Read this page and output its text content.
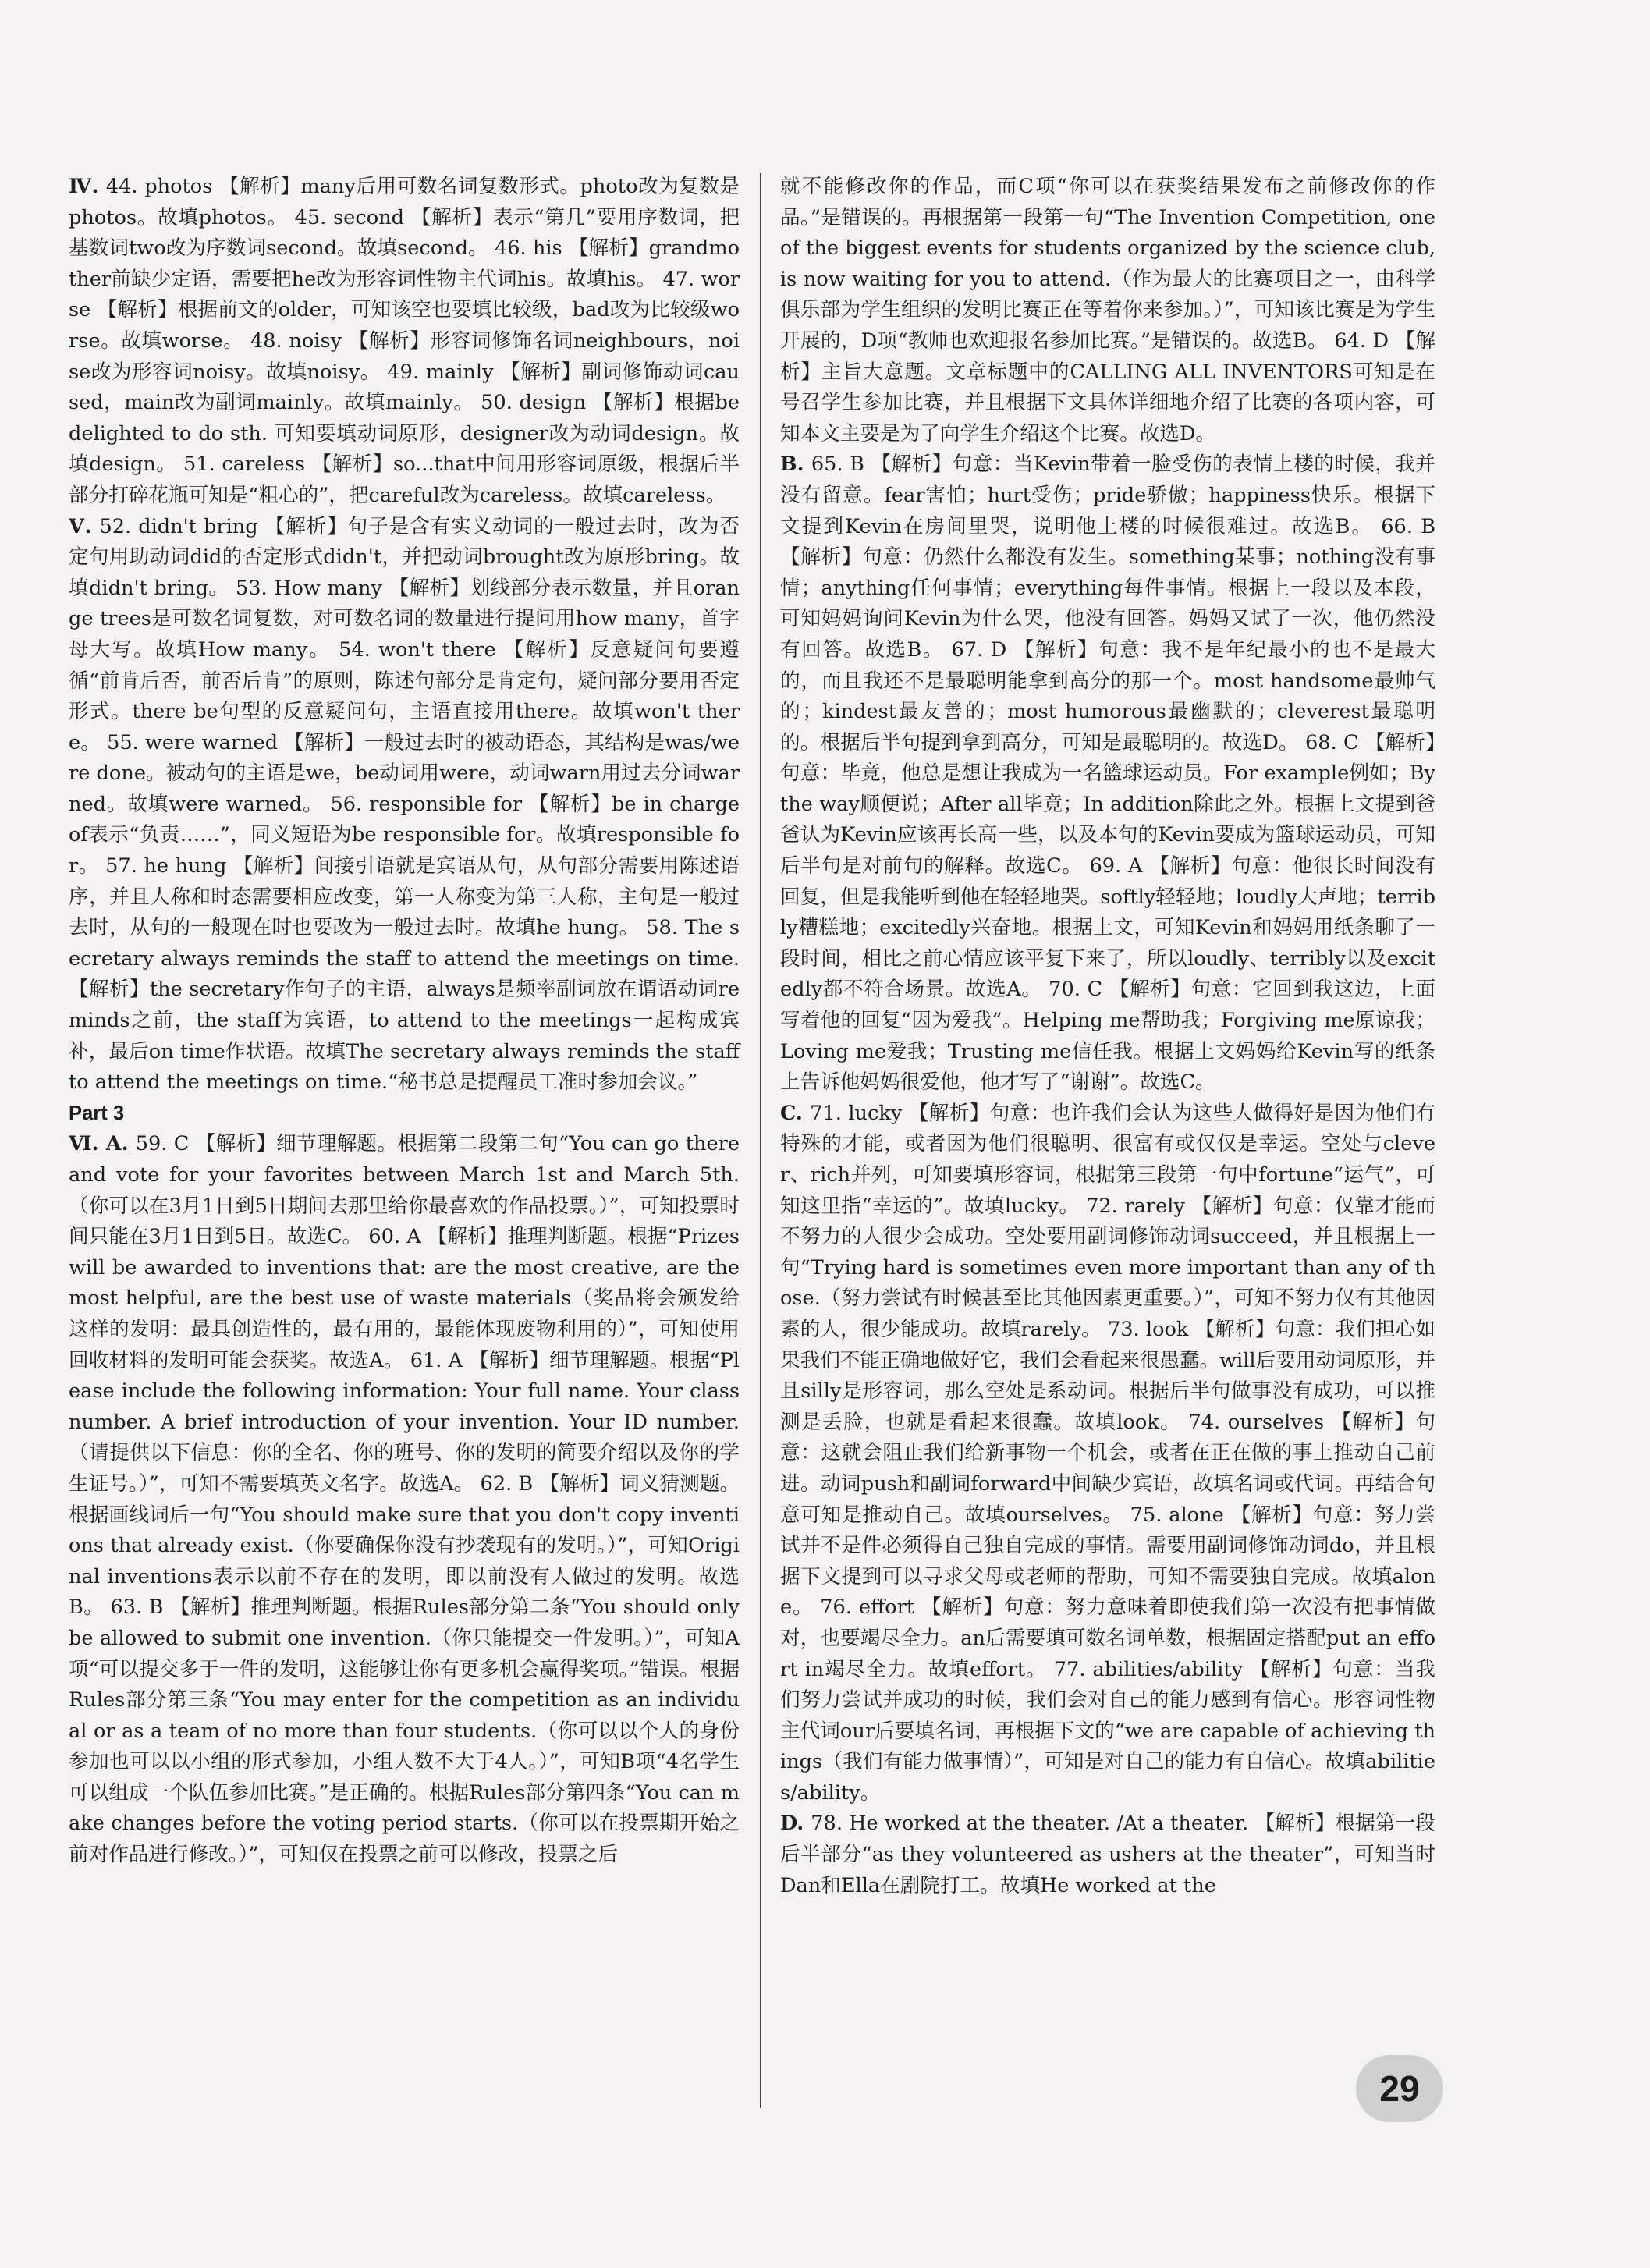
Ⅳ. 44. photos 【解析】many后用可数名词复数形式。photo改为复数是photos。故填photos。 45. second 【解析】表示“第几”要用序数词，把基数词two改为序数词second。故填second。 46. his 【解析】grandmother前缺少定语，需要把he改为形容词性物主代词his。故填his。 47. worse 【解析】根据前文的older，可知该空也要填比较级，bad改为比较级worse。故填worse。 48. noisy 【解析】形容词修饰名词neighbours，noise改为形容词noisy。故填noisy。 49. mainly 【解析】副词修饰动词caused，main改为副词mainly。故填mainly。 50. design 【解析】根据be delighted to do sth. 可知要填动词原形，designer改为动词design。故填design。 51. careless 【解析】so...that中间用形容词原级，根据后半部分打碎花瓶可知是“粗心的”，把careful改为careless。故填careless。

Ⅴ. 52. didn't bring 【解析】句子是含有实义动词的一般过去时，改为否定句用助动词did的否定形式didn't，并把动词brought改为原形bring。故填didn't bring。 53. How many 【解析】划线部分表示数量，并且orange trees是可数名词复数，对可数名词的数量进行提问用how many，首字母大写。故填How many。 54. won't there 【解析】反意疑问句要遵循“前肯后否，前否后肯”的原则，陈述句部分是肯定句，疑问部分要用否定形式。there be句型的反意疑问句，主语直接用there。故填won't there。 55. were warned 【解析】一般过去时的被动语态，其结构是was/were done。被动句的主语是we，be动词用were，动词warn用过去分词warned。故填were warned。 56. responsible for 【解析】be in charge of表示“负责……”，同义短语为be responsible for。故填responsible for。 57. he hung 【解析】间接引语就是宾语从句，从句部分需要用陈述语序，并且人称和时态需要相应改变，第一人称变为第三人称，主句是一般过去时，从句的一般现在时也要改为一般过去时。故填he hung。 58. The secretary always reminds the staff to attend the meetings on time. 【解析】the secretary作句子的主语，always是频率副词放在谓语动词reminds之前，the staff为宾语，to attend to the meetings一起构成宾补，最后on time作状语。故填The secretary always reminds the staff to attend the meetings on time.“秘书总是提醒员工准时参加会议。”

Part 3

Ⅵ. A. 59. C 【解析】细节理解题。根据第二段第二句“You can go there and vote for your favorites between March 1st and March 5th.（你可以在3月1日到5日期间去那里给你最喜欢的作品投票。）”，可知投票时间只能在3月1日到5日。故选C。 60. A 【解析】推理判断题。根据“Prizes will be awarded to inventions that: are the most creative, are the most helpful, are the best use of waste materials（奖品将会颁发给这样的发明：最具创造性的，最有用的，最能体现废物利用的）”，可知使用回收材料的发明可能会获奖。故选A。 61. A 【解析】细节理解题。根据“Please include the following information: Your full name. Your class number. A brief introduction of your invention. Your ID number.（请提供以下信息：你的全名、你的班号、你的发明的简要介绍以及你的学生证号。）”，可知不需要填英文名字。故选A。 62. B 【解析】词义猜测题。根据画线词后一句“You should make sure that you don't copy inventions that already exist.（你要确保你没有抄袭现有的发明。）”，可知Original inventions表示以前不存在的发明，即以前没有人做过的发明。故选B。 63. B 【解析】推理判断题。根据Rules部分第二条“You should only be allowed to submit one invention.（你只能提交一件发明。）”，可知A项“可以提交多于一件的发明，这能够让你有更多机会赢得奖项。”错误。根据Rules部分第三条“You may enter for the competition as an individual or as a team of no more than four students.（你可以以个人的身份参加也可以以小组的形式参加，小组人数不大于4人。）”，可知B项“4名学生可以组成一个队伍参加比赛。”是正确的。根据Rules部分第四条“You can make changes before the voting period starts.（你可以在投票期开始之前对作品进行修改。）”，可知仅在投票之前可以修改，投票之后

就不能修改你的作品，而C项“你可以在获奖结果发布之前修改你的作品。”是错误的。再根据第一段第一句“The Invention Competition, one of the biggest events for students organized by the science club, is now waiting for you to attend.（作为最大的比赛项目之一，由科学俱乐部为学生组织的发明比赛正在等着你来参加。）”，可知该比赛是为学生开展的，D项“教师也欢迎报名参加比赛。”是错误的。故选B。 64. D 【解析】主旨大意题。文章标题中的CALLING ALL INVENTORS可知是在号召学生参加比赛，并且根据下文具体详细地介绍了比赛的各项内容，可知本文主要是为了向学生介绍这个比赛。故选D。

B. 65. B 【解析】句意：当Kevin带着一脸受伤的表情上楼的时候，我并没有留意。fear害怕；hurt受伤；pride骄傲；happiness快乐。根据下文提到Kevin在房间里哭，说明他上楼的时候很难过。故选B。 66. B 【解析】句意：仍然什么都没有发生。something某事；nothing没有事情；anything任何事情；everything每件事情。根据上一段以及本段，可知妈妈询问Kevin为什么哭，他没有回答。妈妈又试了一次，他仍然没有回答。故选B。 67. D 【解析】句意：我不是年纪最小的也不是最大的，而且我还不是最聪明能拿到高分的那一个。most handsome最帅气的；kindest最友善的；most humorous最幽默的；cleverest最聪明的。根据后半句提到拿到高分，可知是最聪明的。故选D。 68. C 【解析】句意：毕竟，他总是想让我成为一名篮球运动员。For example例如；By the way顺便说；After all毕竟；In addition除此之外。根据上文提到爸爸认为Kevin应该再长高一些，以及本句的Kevin要成为篮球运动员，可知后半句是对前句的解释。故选C。 69. A 【解析】句意：他很长时间没有回复，但是我能听到他在轻轻地哭。softly轻轻地；loudly大声地；terribly糟糕地；excitedly兴奋地。根据上文，可知Kevin和妈妈用纸条聊了一段时间，相比之前心情应该平复下来了，所以loudly、terribly以及excitedly都不符合场景。故选A。 70. C 【解析】句意：它回到我这边，上面写着他的回复“因为爱我”。Helping me帮助我；Forgiving me原谅我；Loving me爱我；Trusting me信任我。根据上文妈妈给Kevin写的纸条上告诉他妈妈很爱他，他才写了“谢谢”。故选C。

C. 71. lucky 【解析】句意：也许我们会认为这些人做得好是因为他们有特殊的才能，或者因为他们很聪明、很富有或仅仅是幸运。空处与clever、rich并列，可知要填形容词，根据第三段第一句中fortune“运气”，可知这里指“幸运的”。故填lucky。 72. rarely 【解析】句意：仅靠才能而不努力的人很少会成功。空处要用副词修饰动词succeed，并且根据上一句“Trying hard is sometimes even more important than any of those.（努力尝试有时候甚至比其他因素更重要。）”，可知不努力仅有其他因素的人，很少能成功。故填rarely。 73. look 【解析】句意：我们担心如果我们不能正确地做好它，我们会看起来很愚蠢。will后要用动词原形，并且silly是形容词，那么空处是系动词。根据后半句做事没有成功，可以推测是丢脸，也就是看起来很蠢。故填look。 74. ourselves 【解析】句意：这就会阻止我们给新事物一个机会，或者在正在做的事上推动自己前进。动词push和副词forward中间缺少宾语，故填名词或代词。再结合句意可知是推动自己。故填ourselves。 75. alone 【解析】句意：努力尝试并不是件必须得自己独自完成的事情。需要用副词修饰动词do，并且根据下文提到可以寻求父母或老师的帮助，可知不需要独自完成。故填alone。 76. effort 【解析】句意：努力意味着即使我们第一次没有把事情做对，也要竭尽全力。an后需要填可数名词单数，根据固定搭配put an effort in竭尽全力。故填effort。 77. abilities/ability 【解析】句意：当我们努力尝试并成功的时候，我们会对自己的能力感到有信心。形容词性物主代词our后要填名词，再根据下文的“we are capable of achieving things（我们有能力做事情）”，可知是对自己的能力有自信心。故填abilities/ability。

D. 78. He worked at the theater. /At a theater. 【解析】根据第一段后半部分“as they volunteered as ushers at the theater”，可知当时Dan和Ella在剧院打工。故填He worked at the

29
